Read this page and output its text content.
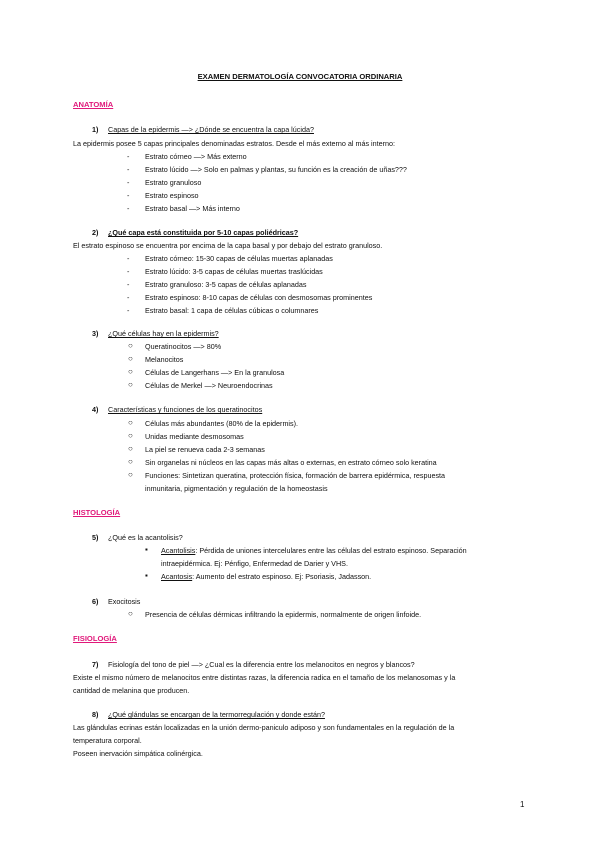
EXAMEN DERMATOLOGÍA CONVOCATORIA ORDINARIA
ANATOMÍA
1) Capas de la epidermis —> ¿Dónde se encuentra la capa lúcida?
La epidermis posee 5 capas principales denominadas estratos. Desde el más externo al más interno:
- Estrato córneo —> Más externo
- Estrato lúcido —> Solo en palmas y plantas, su función es la creación de uñas???
- Estrato granuloso
- Estrato espinoso
- Estrato basal —> Más interno
2) ¿Qué capa está constituida por 5-10 capas poliédricas?
El estrato espinoso se encuentra por encima de la capa basal y por debajo del estrato granuloso.
- Estrato córneo: 15-30 capas de células muertas aplanadas
- Estrato lúcido: 3-5 capas de células muertas traslúcidas
- Estrato granuloso: 3-5 capas de células aplanadas
- Estrato espinoso: 8-10 capas de células con desmosomas prominentes
- Estrato basal: 1 capa de células cúbicas o columnares
3) ¿Qué células hay en la epidermis?
○ Queratinocitos —> 80%
○ Melanocitos
○ Células de Langerhans —> En la granulosa
○ Células de Merkel —> Neuroendocrinas
4) Características y funciones de los queratinocitos
○ Células más abundantes (80% de la epidermis).
○ Unidas mediante desmosomas
○ La piel se renueva cada 2-3 semanas
○ Sin organelas ni núcleos en las capas más altas o externas, en estrato córneo solo keratina
○ Funciones: Sintetizan queratina, protección física, formación de barrera epidérmica, respuesta
inmunitaria, pigmentación y regulación de la homeostasis
HISTOLOGÍA
5) ¿Qué es la acantolisis?
▪ Acantolisis: Pérdida de uniones intercelulares entre las células del estrato espinoso. Separación
intraepidérmica. Ej: Pénfigo, Enfermedad de Darier y VHS.
▪ Acantosis: Aumento del estrato espinoso. Ej: Psoriasis, Jadasson.
6) Exocitosis
○ Presencia de células dérmicas infiltrando la epidermis, normalmente de origen linfoide.
FISIOLOGÍA
7) Fisiología del tono de piel —> ¿Cual es la diferencia entre los melanocitos en negros y blancos?
Existe el mismo número de melanocitos entre distintas razas, la diferencia radica en el tamaño de los melanosomas y la
cantidad de melanina que producen.
8) ¿Qué glándulas se encargan de la termorregulación y donde están?
Las glándulas ecrinas están localizadas en la unión dermo-paniculo adiposo y son fundamentales en la regulación de la
temperatura corporal.
Poseen inervación simpática colinérgica.
1
